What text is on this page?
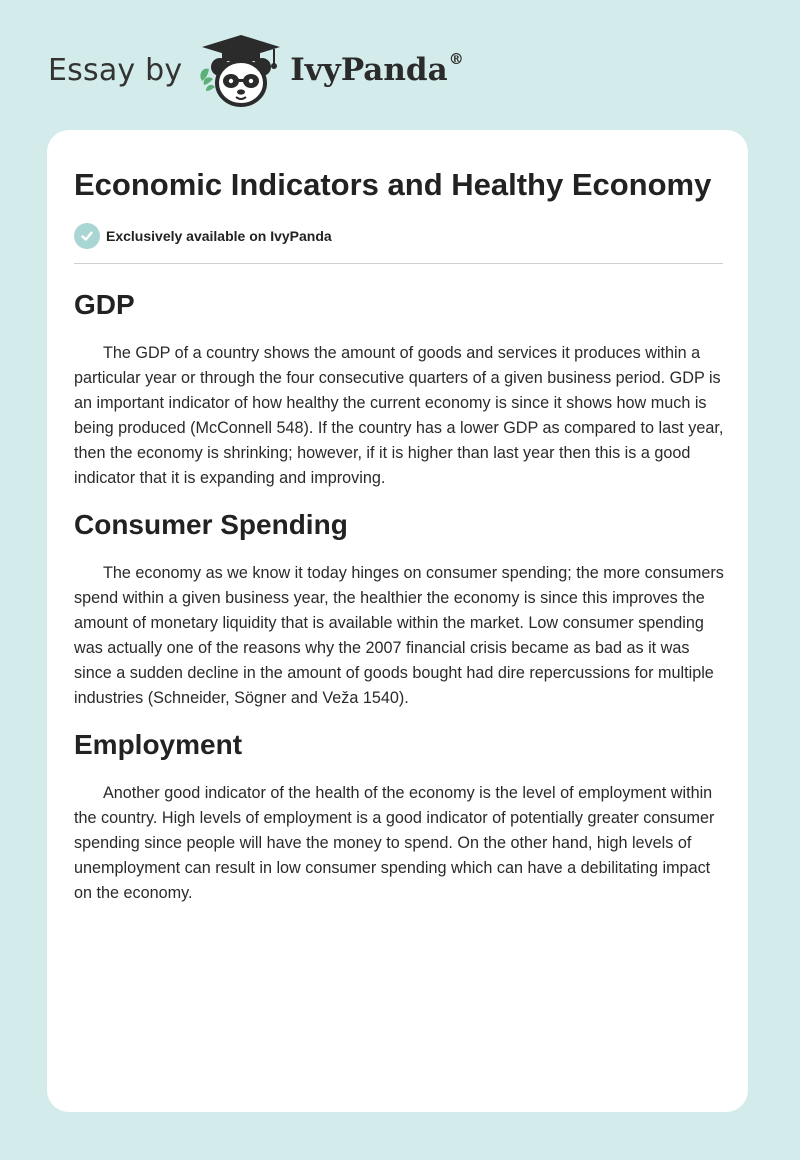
Essay by	IvyPanda®
Economic Indicators and Healthy Economy
Exclusively available on IvyPanda
GDP

The GDP of a country shows the amount of goods and services it produces within a particular year or through the four consecutive quarters of a given business period. GDP is an important indicator of how healthy the current economy is since it shows how much is being produced (McConnell 548). If the country has a lower GDP as compared to last year, then the economy is shrinking; however, if it is higher than last year then this is a good indicator that it is expanding and improving.

Consumer Spending

The economy as we know it today hinges on consumer spending; the more consumers spend within a given business year, the healthier the economy is since this improves the amount of monetary liquidity that is available within the market. Low consumer spending was actually one of the reasons why the 2007 financial crisis became as bad as it was since a sudden decline in the amount of goods bought had dire repercussions for multiple industries (Schneider, Sögner and Veža 1540).

Employment

Another good indicator of the health of the economy is the level of employment within the country. High levels of employment is a good indicator of potentially greater consumer spending since people will have the money to spend. On the other hand, high levels of unemployment can result in low consumer spending which can have a debilitating impact on the economy.
